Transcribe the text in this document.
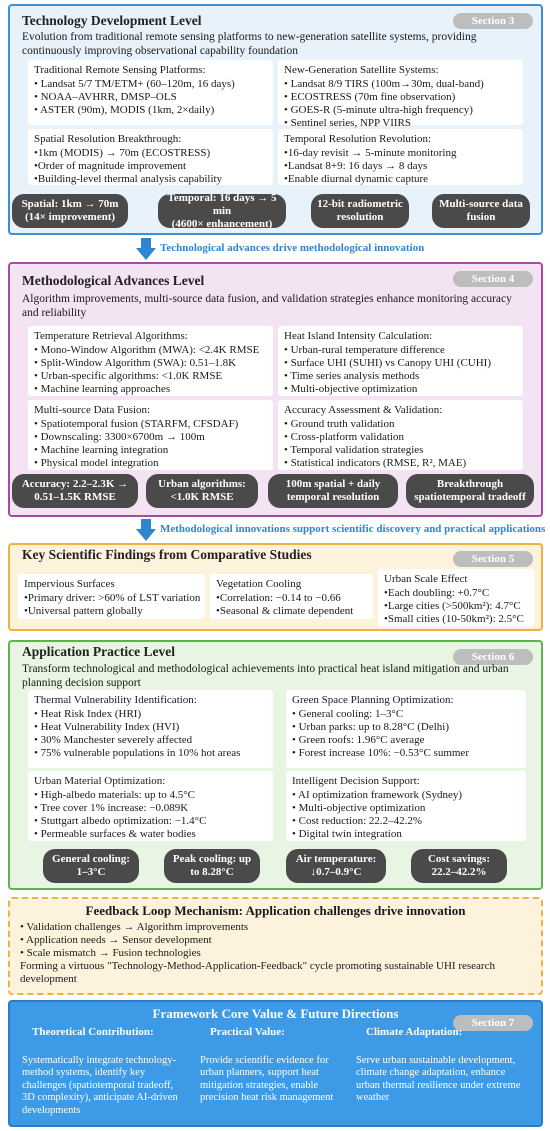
Technology Development Level	Section 3
Evolution from traditional remote sensing platforms to new-generation satellite systems, providing continuously improving observational capability foundation
Traditional Remote Sensing Platforms:
• Landsat 5/7 TM/ETM+ (60–120m, 16 days)
• NOAA–AVHRR, DMSP–OLS
• ASTER (90m), MODIS (1km, 2×daily)
New-Generation Satellite Systems:
• Landsat 8/9 TIRS (100m→30m, dual-band)
• ECOSTRESS (70m fine observation)
• GOES-R (5-minute ultra-high frequency)
• Sentinel series, NPP VIIRS
Spatial Resolution Breakthrough:
•1km (MODIS) → 70m (ECOSTRESS)
•Order of magnitude improvement
•Building-level thermal analysis capability
Temporal Resolution Revolution:
•16-day revisit → 5-minute monitoring
•Landsat 8+9: 16 days → 8 days
•Enable diurnal dynamic capture
Spatial: 1km → 70m
(14× improvement)
Temporal: 16 days → 5 min
(4600× enhancement)
12-bit radiometric
resolution
Multi-source data
fusion
Technological advances drive methodological innovation
Methodological Advances Level	Section 4
Algorithm improvements, multi-source data fusion, and validation strategies enhance monitoring accuracy and reliability
Temperature Retrieval Algorithms:
• Mono-Window Algorithm (MWA): <2.4K RMSE
• Split-Window Algorithm (SWA): 0.51–1.8K
• Urban-specific algorithms: <1.0K RMSE
• Machine learning approaches
Heat Island Intensity Calculation:
• Urban-rural temperature difference
• Surface UHI (SUHI) vs Canopy UHI (CUHI)
• Time series analysis methods
• Multi-objective optimization
Multi-source Data Fusion:
• Spatiotemporal fusion (STARFM, CFSDAF)
• Downscaling: 3300×6700m → 100m
• Machine learning integration
• Physical model integration
Accuracy Assessment & Validation:
• Ground truth validation
• Cross-platform validation
• Temporal validation strategies
• Statistical indicators (RMSE, R², MAE)
Accuracy: 2.2–2.3K →
0.51–1.5K RMSE
Urban algorithms:
<1.0K RMSE
100m spatial + daily
temporal resolution
Breakthrough
spatiotemporal tradeoff
Methodological innovations support scientific discovery and practical applications
Key Scientific Findings from Comparative Studies	Section 5
Impervious Surfaces
•Primary driver: >60% of LST variation
•Universal pattern globally
Vegetation Cooling
•Correlation: −0.14 to −0.66
•Seasonal & climate dependent
Urban Scale Effect
•Each doubling: +0.7°C
•Large cities (>500km²): 4.7°C
•Small cities (10-50km²): 2.5°C
Application Practice Level	Section 6
Transform technological and methodological achievements into practical heat island mitigation and urban planning decision support
Thermal Vulnerability Identification:
• Heat Risk Index (HRI)
• Heat Vulnerability Index (HVI)
• 30% Manchester severely affected
• 75% vulnerable populations in 10% hot areas
Green Space Planning Optimization:
• General cooling: 1–3°C
• Urban parks: up to 8.28°C (Delhi)
• Green roofs: 1.96°C average
• Forest increase 10%: −0.53°C summer
Urban Material Optimization:
• High-albedo materials: up to 4.5°C
• Tree cover 1% increase: −0.089K
• Stuttgart albedo optimization: −1.4°C
• Permeable surfaces & water bodies
Intelligent Decision Support:
• AI optimization framework (Sydney)
• Multi-objective optimization
• Cost reduction: 22.2–42.2%
• Digital twin integration
General cooling:
1–3°C
Peak cooling: up
to 8.28°C
Air temperature:
↓0.7–0.9°C
Cost savings:
22.2–42.2%
Feedback Loop Mechanism: Application challenges drive innovation
• Validation challenges → Algorithm improvements
• Application needs → Sensor development
• Scale mismatch → Fusion technologies
Forming a virtuous "Technology-Method-Application-Feedback" cycle promoting sustainable UHI research development
Framework Core Value & Future Directions
Section 7
Theoretical Contribution:
Systematically integrate technology-method systems, identify key challenges (spatiotemporal tradeoff, 3D complexity), anticipate AI-driven developments
Practical Value:
Provide scientific evidence for urban planners, support heat mitigation strategies, enable precision heat risk management
Climate Adaptation:
Serve urban sustainable development, climate change adaptation, enhance urban thermal resilience under extreme weather
